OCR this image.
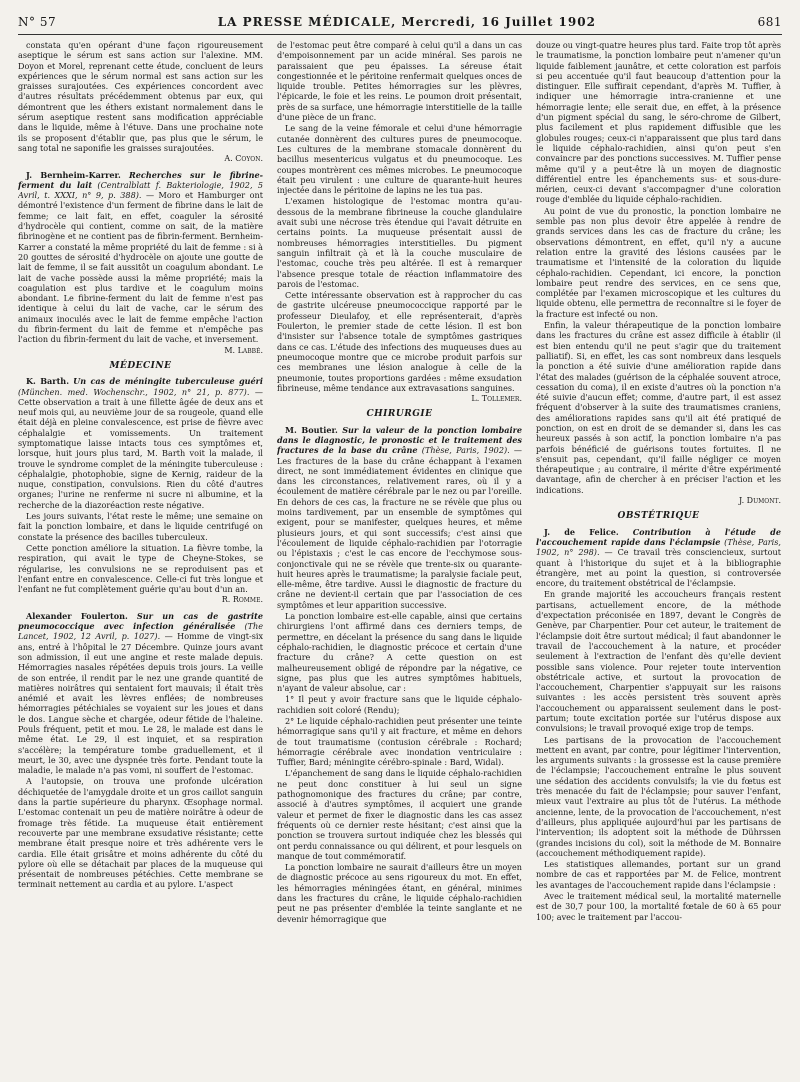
N° 57	LA PRESSE MÉDICALE, Mercredi, 16 Juillet 1902	681

constata qu'en opérant d'une façon rigoureusement aseptique le sérum est sans action sur l'alexine. MM. Doyon et Morel, reprenant cette étude, concluent de leurs expériences que le sérum normal est sans action sur les graisses surajoutées. Ces expériences concordent avec d'autres résultats précédemment obtenus par eux, qui démontrent que les éthers existant normalement dans le sérum aseptique restent sans modification appréciable dans le liquide, même à l'étuve. Dans une prochaine note ils se proposent d'établir que, pas plus que le sérum, le sang total ne saponifie les graisses surajoutées.

A. Coyon.

J. Bernheim-Karrer. Recherches sur le fibrine-ferment du lait (Centralblatt f. Bakteriologie, 1902, 5 Avril, t. XXXI, n° 9, p. 388). — Moro et Hamburger ont démontré l'existence d'un ferment de fibrine dans le lait de femme; ce lait fait, en effet, coaguler la sérosité d'hydrocèle qui contient, comme on sait, de la matière fibrinogène et ne contient pas de fibrin-ferment. Bernheim-Karrer a constaté la même propriété du lait de femme : si à 20 gouttes de sérosité d'hydrocèle on ajoute une goutte de lait de femme, il se fait aussitôt un coagulum abondant. Le lait de vache possède aussi la même propriété; mais la coagulation est plus tardive et le coagulum moins abondant. Le fibrine-ferment du lait de femme n'est pas identique à celui du lait de vache, car le sérum des animaux inoculés avec le lait de femme empêche l'action du fibrin-ferment du lait de femme et n'empêche pas l'action du fibrin-ferment du lait de vache, et inversement.

M. Labbé.
MÉDECINE

K. Barth. Un cas de méningite tuberculeuse guéri (München. med. Wochenschr., 1902, n° 21, p. 877). — Cette observation a trait à une fillette âgée de deux ans et neuf mois qui, au neuvième jour de sa rougeole, quand elle était déjà en pleine convalescence, est prise de fièvre avec céphalalgie et vomissements. Un traitement symptomatique laisse intacts tous ces symptômes et, lorsque, huit jours plus tard, M. Barth voit la malade, il trouve le syndrome complet de la méningite tuberculeuse : céphalalgie, photophobie, signe de Kernig, raideur de la nuque, constipation, convulsions. Rien du côté d'autres organes; l'urine ne renferme ni sucre ni albumine, et la recherche de la diazoréaction reste négative.

Les jours suivants, l'état reste le même; une semaine on fait la ponction lombaire, et dans le liquide centrifugé on constate la présence des bacilles tuberculeux.

Cette ponction améliore la situation. La fièvre tombe, la respiration, qui avait le type de Cheyne-Stokes, se régularise, les convulsions ne se reproduisent pas et l'enfant entre en convalescence. Celle-ci fut très longue et l'enfant ne fut complètement guérie qu'au bout d'un an.

R. Romme.

Alexander Foulerton. Sur un cas de gastrite pneumococcique avec infection généralisée (The Lancet, 1902, 12 Avril, p. 1027). — Homme de vingt-six ans, entré à l'hôpital le 27 Décembre. Quinze jours avant son admission, il eut une angine et reste malade depuis. Hémorragies nasales répétées depuis trois jours. La veille de son entrée, il rendit par le nez une grande quantité de matières noirâtres qui sentaient fort mauvais; il était très anémié et avait les lèvres enflées; de nombreuses hémorragies pétéchiales se voyaient sur les joues et dans le dos. Langue sèche et chargée, odeur fétide de l'haleine. Pouls fréquent, petit et mou. Le 28, le malade est dans le même état. Le 29, il est inquiet, et sa respiration s'accélère; la température tombe graduellement, et il meurt, le 30, avec une dyspnée très forte. Pendant toute la maladie, le malade n'a pas vomi, ni souffert de l'estomac.

A l'autopsie, on trouva une profonde ulcération déchiquetée de l'amygdale droite et un gros caillot sanguin dans la partie supérieure du pharynx. Œsophage normal. L'estomac contenait un peu de matière noirâtre à odeur de fromage très fétide. La muqueuse était entièrement recouverte par une membrane exsudative résistante; cette membrane était presque noire et très adhérente vers le cardia. Elle était grisâtre et moins adhérente du côté du pylore où elle se détachait par places de la muqueuse qui présentait de nombreuses pétéchies. Cette membrane se terminait nettement au cardia et au pylore. L'aspect

de l'estomac peut être comparé à celui qu'il a dans un cas d'empoisonnement par un acide minéral. Ses parois ne paraissaient que peu épaisses. La séreuse était congestionnée et le péritoine renfermait quelques onces de liquide trouble. Petites hémorragies sur les plèvres, l'épicarde, le foie et les reins. Le poumon droit présentait, près de sa surface, une hémorragie interstitielle de la taille d'une pièce de un franc.

Le sang de la veine fémorale et celui d'une hémorragie cutanée donnèrent des cultures pures de pneumocoque. Les cultures de la membrane stomacale donnèrent du bacillus mesentericus vulgatus et du pneumocoque. Les coupes montrèrent ces mêmes microbes. Le pneumocoque était peu virulent : une culture de quarante-huit heures injectée dans le péritoine de lapins ne les tua pas.

L'examen histologique de l'estomac montra qu'au-dessous de la membrane fibrineuse la couche glandulaire avait subi une nécrose très étendue qui l'avait détruite en certains points. La muqueuse présentait aussi de nombreuses hémorragies interstitielles. Du pigment sanguin infiltrait çà et là la couche musculaire de l'estomac, couche très peu altérée. Il est à remarquer l'absence presque totale de réaction inflammatoire des parois de l'estomac.

Cette intéressante observation est à rapprocher du cas de gastrite ulcéreuse pneumococcique rapporté par le professeur Dieulafoy, et elle représenterait, d'après Foulerton, le premier stade de cette lésion. Il est bon d'insister sur l'absence totale de symptômes gastriques dans ce cas. L'étude des infections des muqueuses dues au pneumocoque montre que ce microbe produit parfois sur ces membranes une lésion analogue à celle de la pneumonie, toutes proportions gardées : même exsudation fibrineuse, même tendance aux extravasations sanguines.

L. Tollemer.
CHIRURGIE

M. Boutier. Sur la valeur de la ponction lombaire dans le diagnostic, le pronostic et le traitement des fractures de la base du crâne (Thèse, Paris, 1902). — Les fractures de la base du crâne échappant à l'examen direct, ne sont immédiatement évidentes en clinique que dans les circonstances, relativement rares, où il y a écoulement de matière cérébrale par le nez ou par l'oreille. En dehors de ces cas, la fracture ne se révèle que plus ou moins tardivement, par un ensemble de symptômes qui exigent, pour se manifester, quelques heures, et même plusieurs jours, et qui sont successifs; c'est ainsi que l'écoulement de liquide céphalo-rachidien par l'otorragie ou l'épistaxis ; c'est le cas encore de l'ecchymose sous-conjonctivale qui ne se révèle que trente-six ou quarante-huit heures après le traumatisme; la paralysie faciale peut, elle-même, être tardive. Aussi le diagnostic de fracture du crâne ne devient-il certain que par l'association de ces symptômes et leur apparition successive.

La ponction lombaire est-elle capable, ainsi que certains chirurgiens l'ont affirmé dans ces derniers temps, de permettre, en décelant la présence du sang dans le liquide céphalo-rachidien, le diagnostic précoce et certain d'une fracture du crâne? A cette question on est malheureusement obligé de répondre par la négative, ce signe, pas plus que les autres symptômes habituels, n'ayant de valeur absolue, car :

1° Il peut y avoir fracture sans que le liquide céphalo-rachidien soit coloré (Rendu);

2° Le liquide céphalo-rachidien peut présenter une teinte hémorragique sans qu'il y ait fracture, et même en dehors de tout traumatisme (contusion cérébrale : Rochard; hémorragie cérébrale avec inondation ventriculaire : Tuffier, Bard; méningite cérébro-spinale : Bard, Widal).

L'épanchement de sang dans le liquide céphalo-rachidien ne peut donc constituer à lui seul un signe pathognomonique des fractures du crâne; par contre, associé à d'autres symptômes, il acquiert une grande valeur et permet de fixer le diagnostic dans les cas assez fréquents où ce dernier reste hésitant; c'est ainsi que la ponction se trouvera surtout indiquée chez les blessés qui ont perdu connaissance ou qui délirent, et pour lesquels on manque de tout commémoratif.

La ponction lombaire ne saurait d'ailleurs être un moyen de diagnostic précoce au sens rigoureux du mot. En effet, les hémorragies méningées étant, en général, minimes dans les fractures du crâne, le liquide céphalo-rachidien peut ne pas présenter d'emblée la teinte sanglante et ne devenir hémorragique que

douze ou vingt-quatre heures plus tard. Faite trop tôt après le traumatisme, la ponction lombaire peut n'amener qu'un liquide faiblement jaunâtre, et cette coloration est parfois si peu accentuée qu'il faut beaucoup d'attention pour la distinguer. Elle suffirait cependant, d'après M. Tuffier, à indiquer une hémorragie intra-cranienne et une hémorragie lente; elle serait due, en effet, à la présence d'un pigment spécial du sang, le séro-chrome de Gilbert, plus facilement et plus rapidement diffusible que les globules rouges; ceux-ci n'apparaissent que plus tard dans le liquide céphalo-rachidien, ainsi qu'on peut s'en convaincre par des ponctions successives. M. Tuffier pense même qu'il y a peut-être là un moyen de diagnostic différentiel entre les épanchements sus- et sous-dure-mérien, ceux-ci devant s'accompagner d'une coloration rouge d'emblée du liquide céphalo-rachidien.

Au point de vue du pronostic, la ponction lombaire ne semble pas non plus devoir être appelée à rendre de grands services dans les cas de fracture du crâne; les observations démontrent, en effet, qu'il n'y a aucune relation entre la gravité des lésions causées par le traumatisme et l'intensité de la coloration du liquide céphalo-rachidien. Cependant, ici encore, la ponction lombaire peut rendre des services, en ce sens que, complétée par l'examen microscopique et les cultures du liquide obtenu, elle permettra de reconnaître si le foyer de la fracture est infecté ou non.

Enfin, la valeur thérapeutique de la ponction lombaire dans les fractures du crâne est assez difficile à établir (il est bien entendu qu'il ne peut s'agir que du traitement palliatif). Si, en effet, les cas sont nombreux dans lesquels la ponction a été suivie d'une amélioration rapide dans l'état des malades (guérison de la céphalée souvent atroce, cessation du coma), il en existe d'autres où la ponction n'a été suivie d'aucun effet; comme, d'autre part, il est assez fréquent d'observer à la suite des traumatismes craniens, des améliorations rapides sans qu'il ait été pratiqué de ponction, on est en droit de se demander si, dans les cas heureux passés à son actif, la ponction lombaire n'a pas parfois bénéficié de guérisons toutes fortuites. Il ne s'ensuit pas, cependant, qu'il faille négliger ce moyen thérapeutique ; au contraire, il mérite d'être expérimenté davantage, afin de chercher à en préciser l'action et les indications.

J. Dumont.
OBSTÉTRIQUE

J. de Felice. Contribution à l'étude de l'accouchement rapide dans l'éclampsie (Thèse, Paris, 1902, n° 298). — Ce travail très consciencieux, surtout quant à l'historique du sujet et à la bibliographie étrangère, met au point la question, si controversée encore, du traitement obstétrical de l'éclampsie.

En grande majorité les accoucheurs français restent partisans, actuellement encore, de la méthode d'expectation préconisée en 1897, devant le Congrès de Genève, par Charpentier. Pour cet auteur, le traitement de l'éclampsie doit être surtout médical; il faut abandonner le travail de l'accouchement à la nature, et procéder seulement à l'extraction de l'enfant dès qu'elle devient possible sans violence. Pour rejeter toute intervention obstétricale active, et surtout la provocation de l'accouchement, Charpentier s'appuyait sur les raisons suivantes : les accès persistent très souvent après l'accouchement ou apparaissent seulement dans le post-partum; toute excitation portée sur l'utérus dispose aux convulsions; le travail provoqué exige trop de temps.

Les partisans de la provocation de l'accouchement mettent en avant, par contre, pour légitimer l'intervention, les arguments suivants : la grossesse est la cause première de l'éclampsie; l'accouchement entraîne le plus souvent une sédation des accidents convulsifs; la vie du fœtus est très menacée du fait de l'éclampsie; pour sauver l'enfant, mieux vaut l'extraire au plus tôt de l'utérus. La méthode ancienne, lente, de la provocation de l'accouchement, n'est d'ailleurs, plus appliquée aujourd'hui par les partisans de l'intervention; ils adoptent soit la méthode de Dührssen (grandes incisions du col), soit la méthode de M. Bonnaire (accouchement méthodiquement rapide).

Les statistiques allemandes, portant sur un grand nombre de cas et rapportées par M. de Felice, montrent les avantages de l'accouchement rapide dans l'éclampsie :

Avec le traitement médical seul, la mortalité maternelle est de 30,7 pour 100, la mortalité fœtale de 60 à 65 pour 100; avec le traitement par l'accou-
